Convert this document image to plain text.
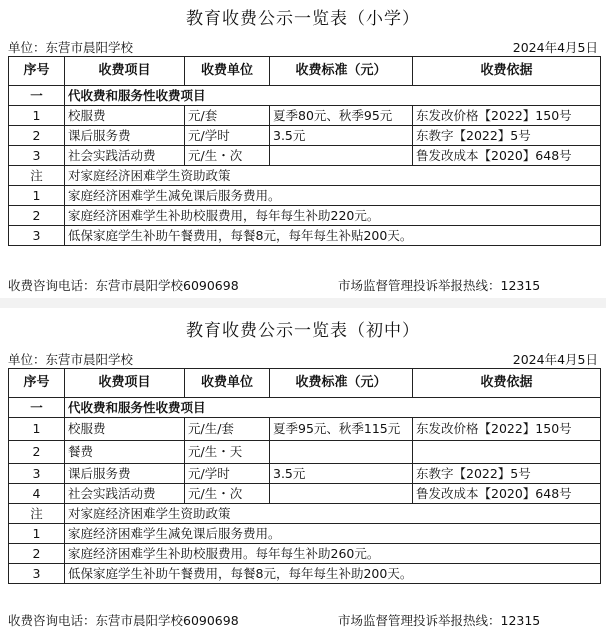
教育收费公示一览表（小学）
单位：东营市晨阳学校	2024年4月5日
序号	收费项目	收费单位	收费标准（元）	收费依据
一	代收费和服务性收费项目			
1	校服费	元/套	夏季80元、秋季95元	东发改价格【2022】150号
2	课后服务费	元/学时	3.5元	东教字【2022】5号
3	社会实践活动费	元/生・次		鲁发改成本【2020】648号
注	对家庭经济困难学生资助政策			
1	家庭经济困难学生减免课后服务费用。			
2	家庭经济困难学生补助校服费用，每年每生补助220元。			
3	低保家庭学生补助午餐费用，每餐8元，每年每生补贴200天。			
收费咨询电话：东营市晨阳学校6090698	市场监督管理投诉举报热线：12315
教育收费公示一览表（初中）
单位：东营市晨阳学校	2024年4月5日
序号	收费项目	收费单位	收费标准（元）	收费依据
一	代收费和服务性收费项目			
1	校服费	元/生/套	夏季95元、秋季115元	东发改价格【2022】150号
2	餐费	元/生・天		
3	课后服务费	元/学时	3.5元	东教字【2022】5号
4	社会实践活动费	元/生・次		鲁发改成本【2020】648号
注	对家庭经济困难学生资助政策			
1	家庭经济困难学生减免课后服务费用。			
2	家庭经济困难学生补助校服费用。每年每生补助260元。			
3	低保家庭学生补助午餐费用，每餐8元，每年每生补助200天。			
收费咨询电话：东营市晨阳学校6090698	市场监督管理投诉举报热线：12315
